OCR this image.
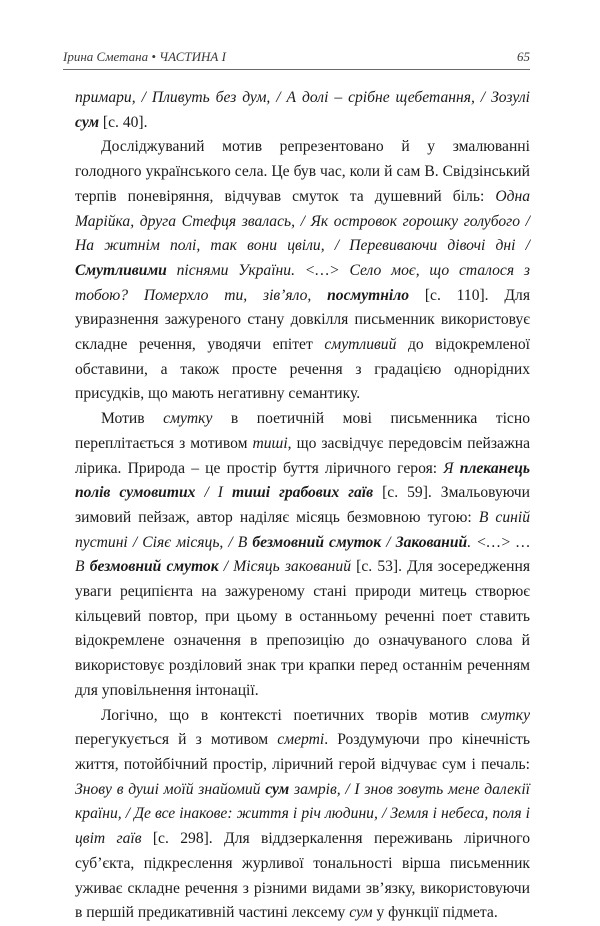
Ірина Сметана • ЧАСТИНА І	65

примари, / Пливуть без дум, / А долі – срібне щебетання, / Зозулі сум [с. 40].

Досліджуваний мотив репрезентовано й у змалюванні голодного українського села. Це був час, коли й сам В. Свідзінський терпів поневіряння, відчував смуток та душевний біль: Одна Марійка, друга Стефця звалась, / Як островок горошку голубого / На житнім полі, так вони цвіли, / Перевиваючи дівочі дні / Смутливими піснями України. <…> Село моє, що сталося з тобою? Померхло ти, зів’яло, посмутніло [с. 110]. Для увиразнення зажуреного стану довкілля письменник використовує складне речення, уводячи епітет смутливий до відокремленої обставини, а також просте речення з градацією однорідних присудків, що мають негативну семантику.

Мотив смутку в поетичній мові письменника тісно переплітається з мотивом тиші, що засвідчує передовсім пейзажна лірика. Природа – це простір буття ліричного героя: Я плеканець полів сумовитих / І тиші грабових гаїв [с. 59]. Змальовуючи зимовий пейзаж, автор наділяє місяць безмовною тугою: В синій пустині / Сіяє місяць, / В безмовний смуток / Закований. <…> … В безмовний смуток / Місяць закований [с. 53]. Для зосередження уваги реципієнта на зажуреному стані природи митець створює кільцевий повтор, при цьому в останньому реченні поет ставить відокремлене означення в препозицію до означуваного слова й використовує розділовий знак три крапки перед останнім реченням для уповільнення інтонації.

Логічно, що в контексті поетичних творів мотив смутку перегукується й з мотивом смерті. Роздумуючи про кінечність життя, потойбічний простір, ліричний герой відчуває сум і печаль: Знову в душі моїй знайомий сум замрів, / І знов зовуть мене далекії країни, / Де все інакове: життя і річ людини, / Земля і небеса, поля і цвіт гаїв [с. 298]. Для віддзеркалення переживань ліричного суб’єкта, підкреслення журливої тональності вірша письменник уживає складне речення з різними видами зв’язку, використовуючи в першій предикативній частині лексему сум у функції підмета.
